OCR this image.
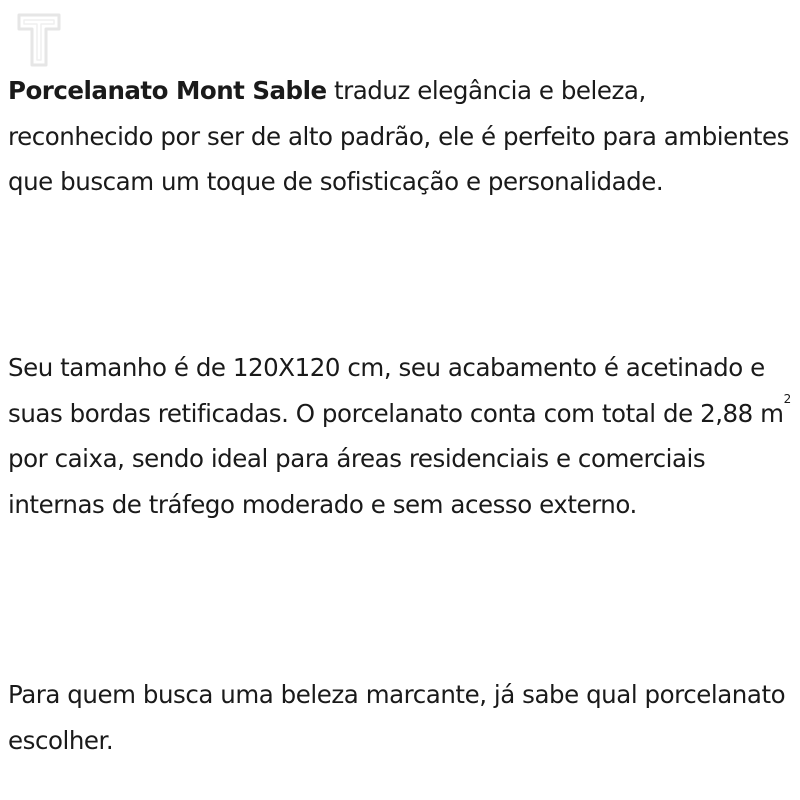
Porcelanato Mont Sable traduz elegância e beleza, reconhecido por ser de alto padrão, ele é perfeito para ambientes que buscam um toque de sofisticação e personalidade.

Seu tamanho é de 120X120 cm, seu acabamento é acetinado e suas bordas retificadas. O porcelanato conta com total de 2,88 $m^2$ por caixa, sendo ideal para áreas residenciais e comerciais internas de tráfego moderado e sem acesso externo.

Para quem busca uma beleza marcante, já sabe qual porcelanato escolher.
